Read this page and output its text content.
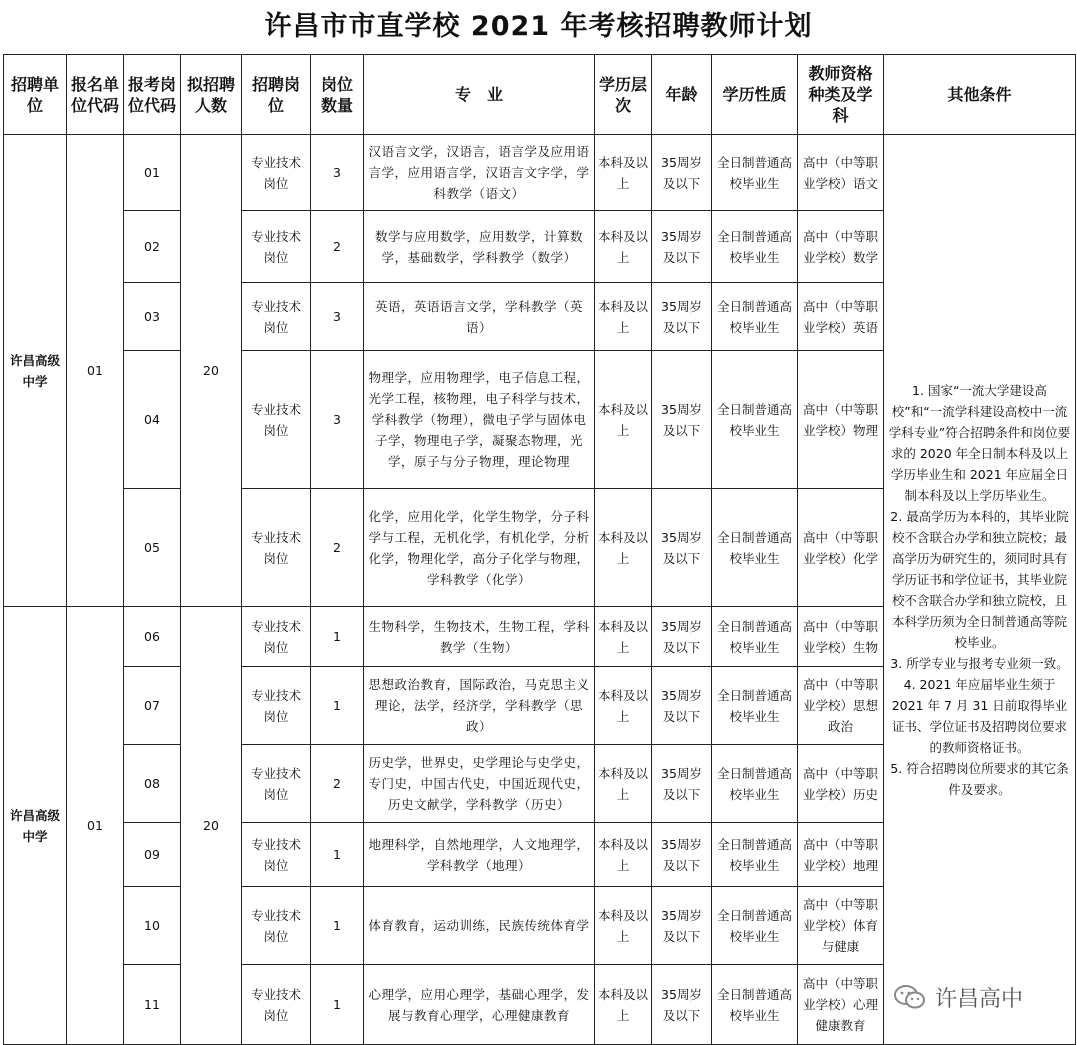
许昌市市直学校 2021 年考核招聘教师计划
招聘单位	报名单位代码	报考岗位代码	拟招聘人数	招聘岗位	岗位数量	专　业	学历层次	年龄	学历性质	教师资格种类及学科	其他条件
许昌高级中学	01	01	20	专业技术岗位	3	汉语言文学，汉语言，语言学及应用语言学，应用语言学，汉语言文字学，学科教学（语文）	本科及以上	35周岁及以下	全日制普通高校毕业生	高中（中等职业学校）语文	1. 国家“一流大学建设高校”和“一流学科建设高校中一流学科专业”符合招聘条件和岗位要求的 2020 年全日制本科及以上学历毕业生和 2021 年应届全日制本科及以上学历毕业生。
2. 最高学历为本科的，其毕业院校不含联合办学和独立院校；最高学历为研究生的，须同时具有学历证书和学位证书，其毕业院校不含联合办学和独立院校，且本科学历须为全日制普通高等院校毕业。
3. 所学专业与报考专业须一致。
4. 2021 年应届毕业生须于 2021 年 7 月 31 日前取得毕业证书、学位证书及招聘岗位要求的教师资格证书。
5. 符合招聘岗位所要求的其它条件及要求。

		02		专业技术岗位	2	数学与应用数学，应用数学，计算数学，基础数学，学科教学（数学）	本科及以上	35周岁及以下	全日制普通高校毕业生	高中（中等职业学校）数学	
		03		专业技术岗位	3	英语，英语语言文学，学科教学（英语）	本科及以上	35周岁及以下	全日制普通高校毕业生	高中（中等职业学校）英语	
		04		专业技术岗位	3	物理学，应用物理学，电子信息工程，光学工程，核物理，电子科学与技术，学科教学（物理），微电子学与固体电子学，物理电子学，凝聚态物理，光学，原子与分子物理，理论物理	本科及以上	35周岁及以下	全日制普通高校毕业生	高中（中等职业学校）物理	
		05		专业技术岗位	2	化学，应用化学，化学生物学，分子科学与工程，无机化学，有机化学，分析化学，物理化学，高分子化学与物理，学科教学（化学）	本科及以上	35周岁及以下	全日制普通高校毕业生	高中（中等职业学校）化学	
许昌高级中学	01	06	20	专业技术岗位	1	生物科学，生物技术，生物工程，学科教学（生物）	本科及以上	35周岁及以下	全日制普通高校毕业生	高中（中等职业学校）生物	
		07		专业技术岗位	1	思想政治教育，国际政治，马克思主义理论，法学，经济学，学科教学（思政）	本科及以上	35周岁及以下	全日制普通高校毕业生	高中（中等职业学校）思想政治	
		08		专业技术岗位	2	历史学，世界史，史学理论与史学史，专门史，中国古代史，中国近现代史，历史文献学，学科教学（历史）	本科及以上	35周岁及以下	全日制普通高校毕业生	高中（中等职业学校）历史	
		09		专业技术岗位	1	地理科学，自然地理学，人文地理学，学科教学（地理）	本科及以上	35周岁及以下	全日制普通高校毕业生	高中（中等职业学校）地理	
		10		专业技术岗位	1	体育教育，运动训练，民族传统体育学	本科及以上	35周岁及以下	全日制普通高校毕业生	高中（中等职业学校）体育与健康	
		11		专业技术岗位	1	心理学，应用心理学，基础心理学，发展与教育心理学，心理健康教育	本科及以上	35周岁及以下	全日制普通高校毕业生	高中（中等职业学校）心理健康教育	
许昌高中
